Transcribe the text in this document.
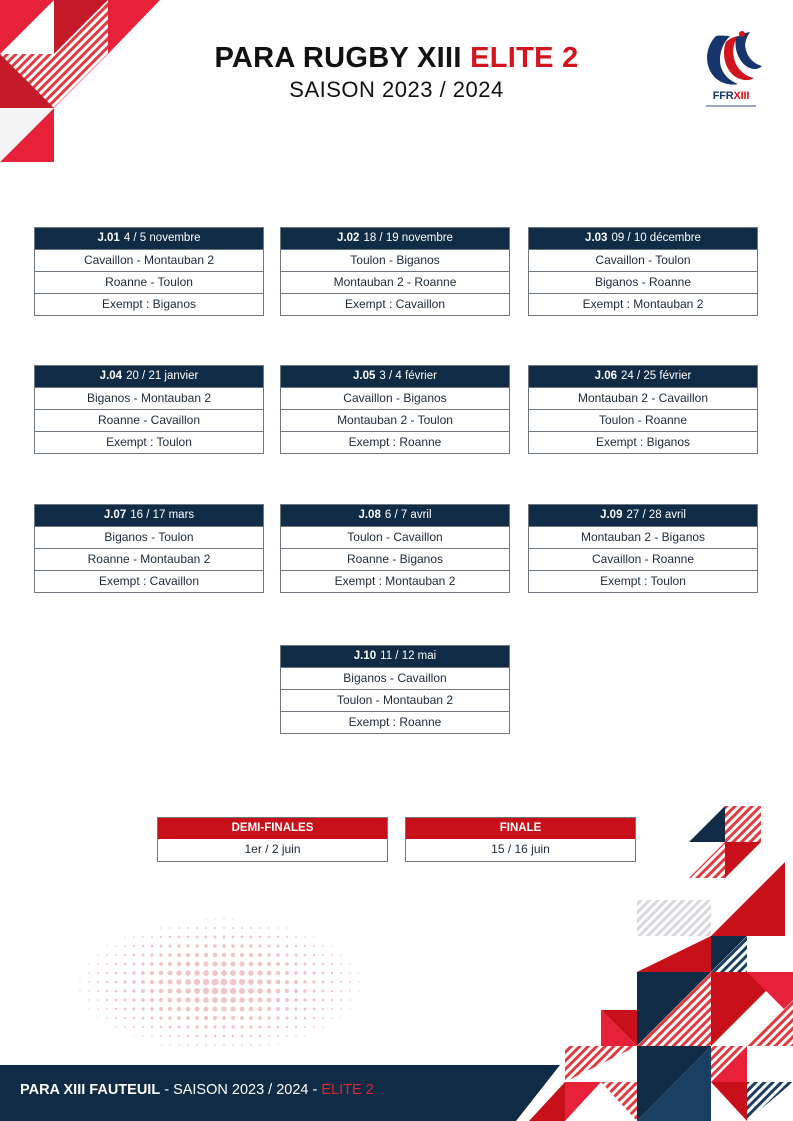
PARA RUGBY XIII ELITE 2
SAISON 2023 / 2024	FFRXIII
J.01 4 / 5 novembre
Cavaillon - Montauban 2
Roanne - Toulon
Exempt : Biganos
J.02 18 / 19 novembre
Toulon - Biganos
Montauban 2 - Roanne
Exempt : Cavaillon
J.03 09 / 10 décembre
Cavaillon - Toulon
Biganos - Roanne
Exempt : Montauban 2
J.04 20 / 21 janvier
Biganos - Montauban 2
Roanne - Cavaillon
Exempt : Toulon
J.05 3 / 4 février
Cavaillon - Biganos
Montauban 2 - Toulon
Exempt : Roanne
J.06 24 / 25 février
Montauban 2 - Cavaillon
Toulon - Roanne
Exempt : Biganos
J.07 16 / 17 mars
Biganos - Toulon
Roanne - Montauban 2
Exempt : Cavaillon
J.08 6 / 7 avril
Toulon - Cavaillon
Roanne - Biganos
Exempt : Montauban 2
J.09 27 / 28 avril
Montauban 2 - Biganos
Cavaillon - Roanne
Exempt : Toulon
J.10 11 / 12 mai
Biganos - Cavaillon
Toulon - Montauban 2
Exempt : Roanne
DEMI-FINALES
1er / 2 juin
FINALE
15 / 16 juin
PARA XIII FAUTEUIL - SAISON 2023 / 2024 - ELITE 2
